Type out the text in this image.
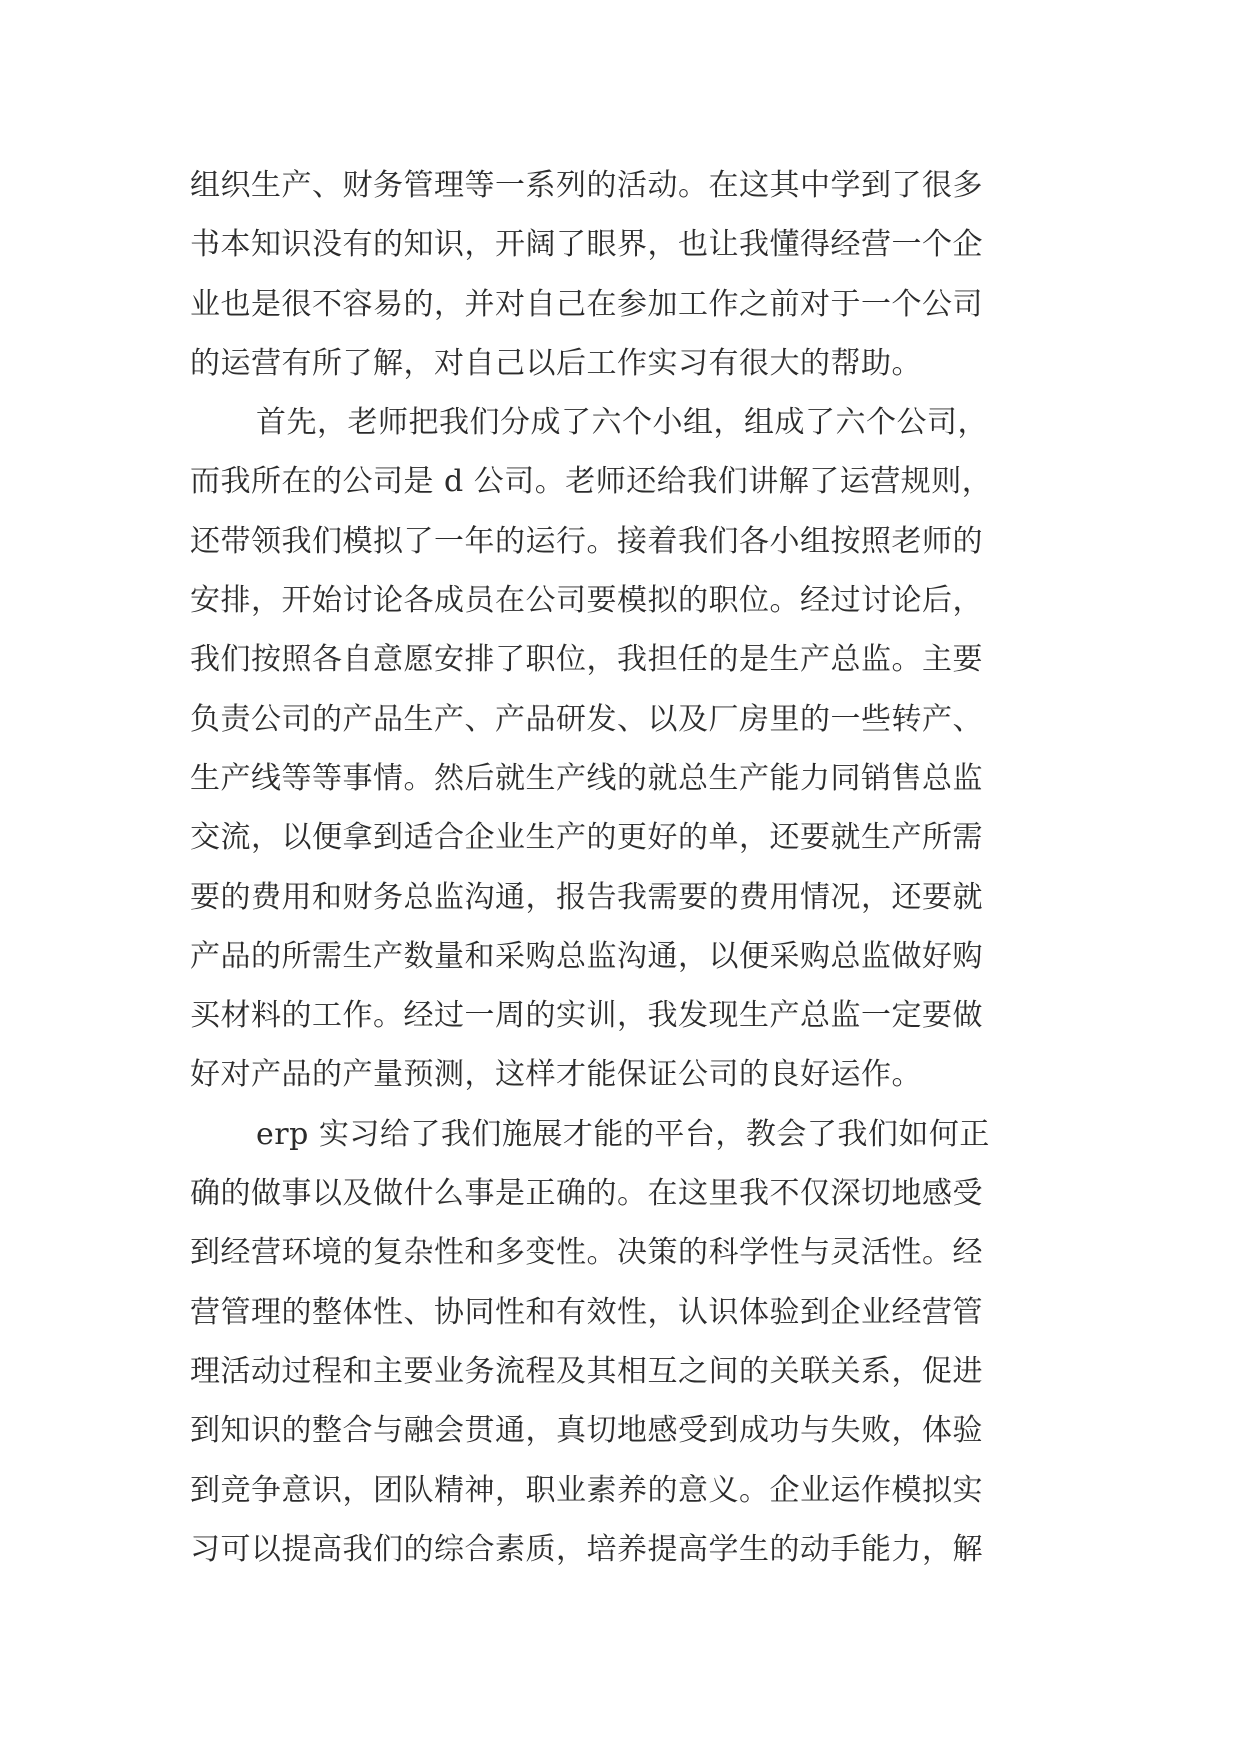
组织生产、财务管理等一系列的活动。在这其中学到了很多
书本知识没有的知识，开阔了眼界，也让我懂得经营一个企
业也是很不容易的，并对自己在参加工作之前对于一个公司
的运营有所了解，对自己以后工作实习有很大的帮助。
首先，老师把我们分成了六个小组，组成了六个公司，
而我所在的公司是 d 公司。老师还给我们讲解了运营规则，
还带领我们模拟了一年的运行。接着我们各小组按照老师的
安排，开始讨论各成员在公司要模拟的职位。经过讨论后，
我们按照各自意愿安排了职位，我担任的是生产总监。主要
负责公司的产品生产、产品研发、以及厂房里的一些转产、
生产线等等事情。然后就生产线的就总生产能力同销售总监
交流，以便拿到适合企业生产的更好的单，还要就生产所需
要的费用和财务总监沟通，报告我需要的费用情况，还要就
产品的所需生产数量和采购总监沟通，以便采购总监做好购
买材料的工作。经过一周的实训，我发现生产总监一定要做
好对产品的产量预测，这样才能保证公司的良好运作。
erp 实习给了我们施展才能的平台，教会了我们如何正
确的做事以及做什么事是正确的。在这里我不仅深切地感受
到经营环境的复杂性和多变性。决策的科学性与灵活性。经
营管理的整体性、协同性和有效性，认识体验到企业经营管
理活动过程和主要业务流程及其相互之间的关联关系，促进
到知识的整合与融会贯通，真切地感受到成功与失败，体验
到竞争意识，团队精神，职业素养的意义。企业运作模拟实
习可以提高我们的综合素质，培养提高学生的动手能力，解
